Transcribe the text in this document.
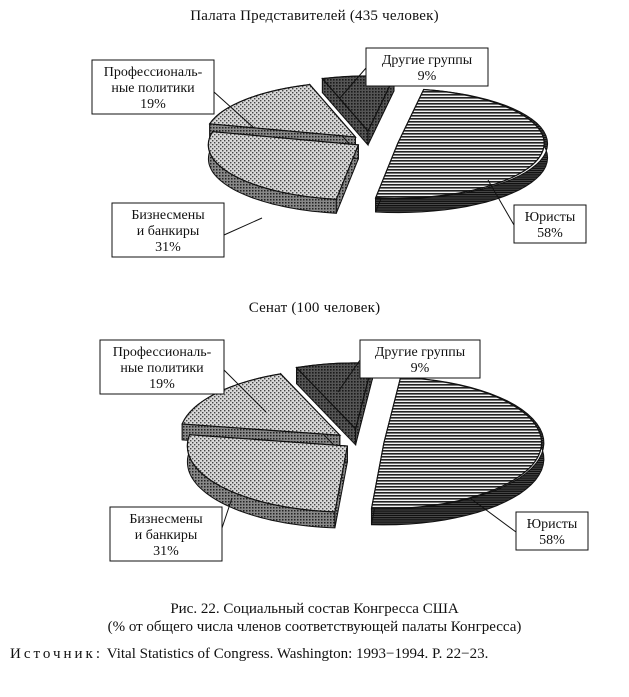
Палата Представителей (435 человек)
Юристы
58%
Бизнесмены
и банкиры
31%
Профессиональ-
ные политики
19%
Другие группы
9%
Сенат (100 человек)
Юристы
58%
Бизнесмены
и банкиры
31%
Профессиональ-
ные политики
19%
Другие группы
9%
Рис. 22. Социальный состав Конгресса США
(% от общего числа членов соответствующей палаты Конгресса)
Источник: Vital Statistics of Congress. Washington: 1993−1994. P. 22−23.
